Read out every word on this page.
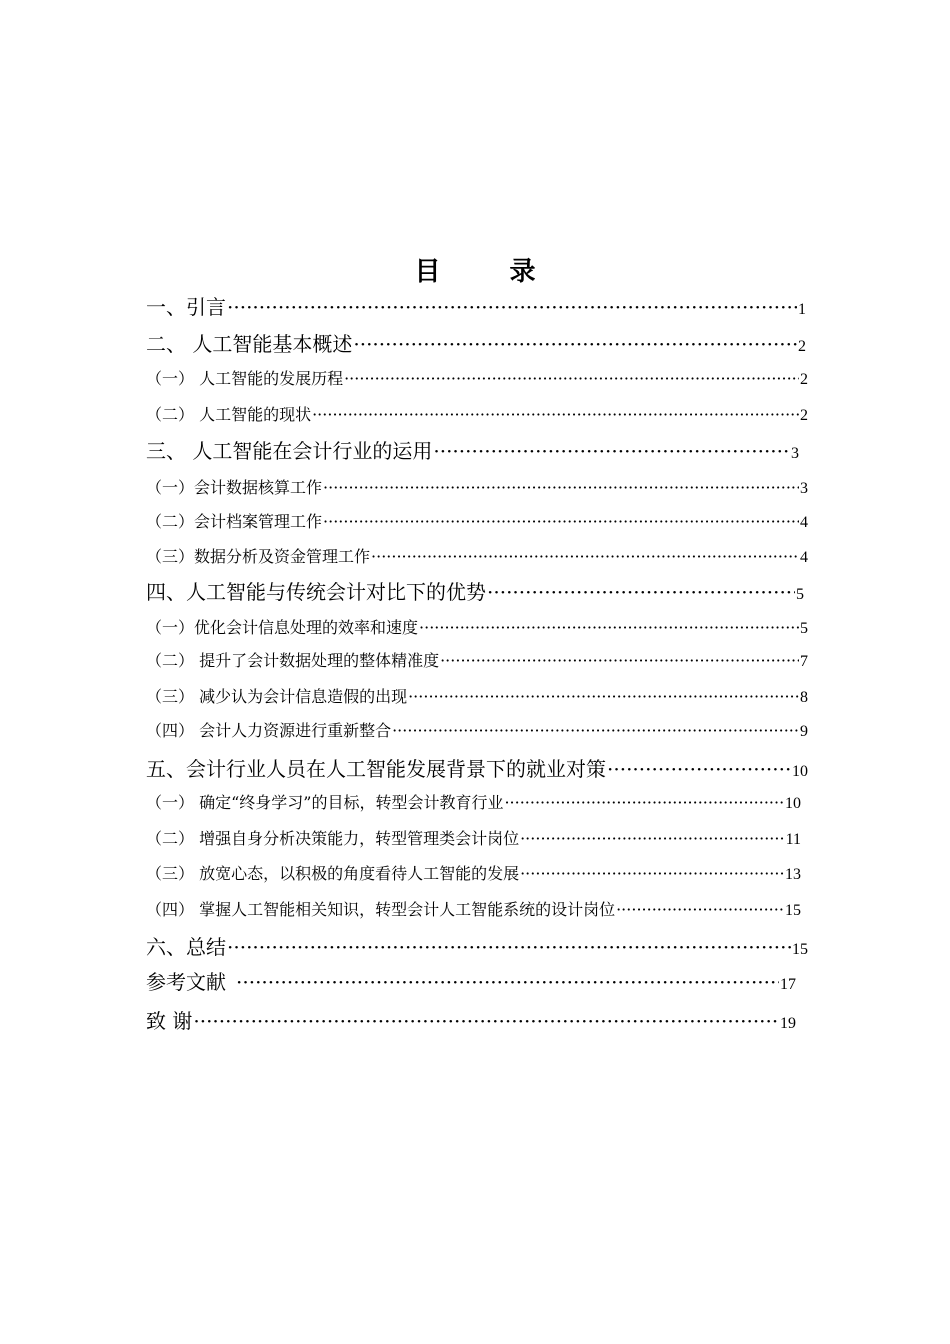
目 录
一、引言 ·····	1
二、 人工智能基本概述 ·····	2
（一） 人工智能的发展历程 ·····	2
（二） 人工智能的现状 ·····	2
三、 人工智能在会计行业的运用 ·····	3
（一）会计数据核算工作 ·····	3
（二）会计档案管理工作 ·····	4
（三）数据分析及资金管理工作 ·····	4
四、人工智能与传统会计对比下的优势 ·····	5
（一）优化会计信息处理的效率和速度 ·····	5
（二） 提升了会计数据处理的整体精准度 ·····	7
（三） 减少认为会计信息造假的出现 ·····	8
（四） 会计人力资源进行重新整合 ·····	9
五、会计行业人员在人工智能发展背景下的就业对策 ·····	10
（一） 确定“终身学习”的目标，转型会计教育行业 ·····	10
（二） 增强自身分析决策能力，转型管理类会计岗位 ·····	11
（三） 放宽心态，以积极的角度看待人工智能的发展 ·····	13
（四） 掌握人工智能相关知识，转型会计人工智能系统的设计岗位 ·····	15
六、总结 ·····	15
参考文献 ·····	17
致 谢 ·····	19
